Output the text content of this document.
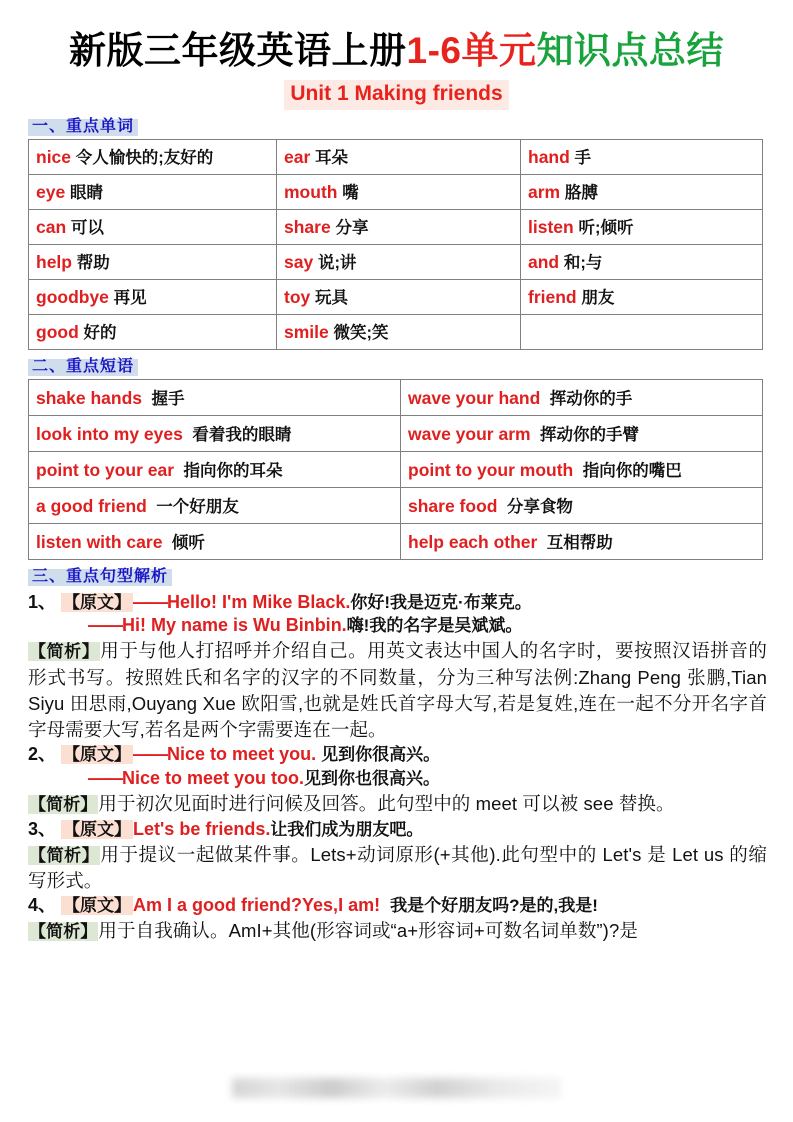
新版三年级英语上册1-6单元知识点总结
Unit 1 Making friends
一、重点单词
nice 令人愉快的;友好的	ear 耳朵	hand 手
eye 眼睛	mouth 嘴	arm 胳膊
can 可以	share 分享	listen 听;倾听
help 帮助	say 说;讲	and 和;与
goodbye 再见	toy 玩具	friend 朋友
good 好的	smile 微笑;笑	
二、重点短语
shake hands 握手	wave your hand 挥动你的手
look into my eyes 看着我的眼睛	wave your arm 挥动你的手臂
point to your ear 指向你的耳朵	point to your mouth 指向你的嘴巴
a good friend 一个好朋友	share food 分享食物
listen with care 倾听	help each other 互相帮助
三、重点句型解析
1、 【原文】 ——Hello! I'm Mike Black.你好!我是迈克·布莱克。
——Hi! My name is Wu Binbin.嗨!我的名字是吴斌斌。
【简析】用于与他人打招呼并介绍自己。用英文表达中国人的名字时，要按照汉语拼音的形式书写。按照姓氏和名字的汉字的不同数量，分为三种写法例:Zhang Peng 张鹏,Tian Siyu 田思雨,Ouyang Xue 欧阳雪,也就是姓氏首字母大写,若是复姓,连在一起不分开名字首字母需要大写,若名是两个字需要连在一起。
2、 【原文】 ——Nice to meet you. 见到你很高兴。
——Nice to meet you too.见到你也很高兴。
【简析】用于初次见面时进行问候及回答。此句型中的 meet 可以被 see 替换。
3、 【原文】 Let's be friends.让我们成为朋友吧。
【简析】用于提议一起做某件事。Lets+动词原形(+其他).此句型中的 Let's 是 Let us 的缩写形式。
4、 【原文】 Am I a good friend?Yes,I am! 我是个好朋友吗?是的,我是!
【简析】用于自我确认。AmI+其他(形容词或“a+形容词+可数名词单数”)?是
